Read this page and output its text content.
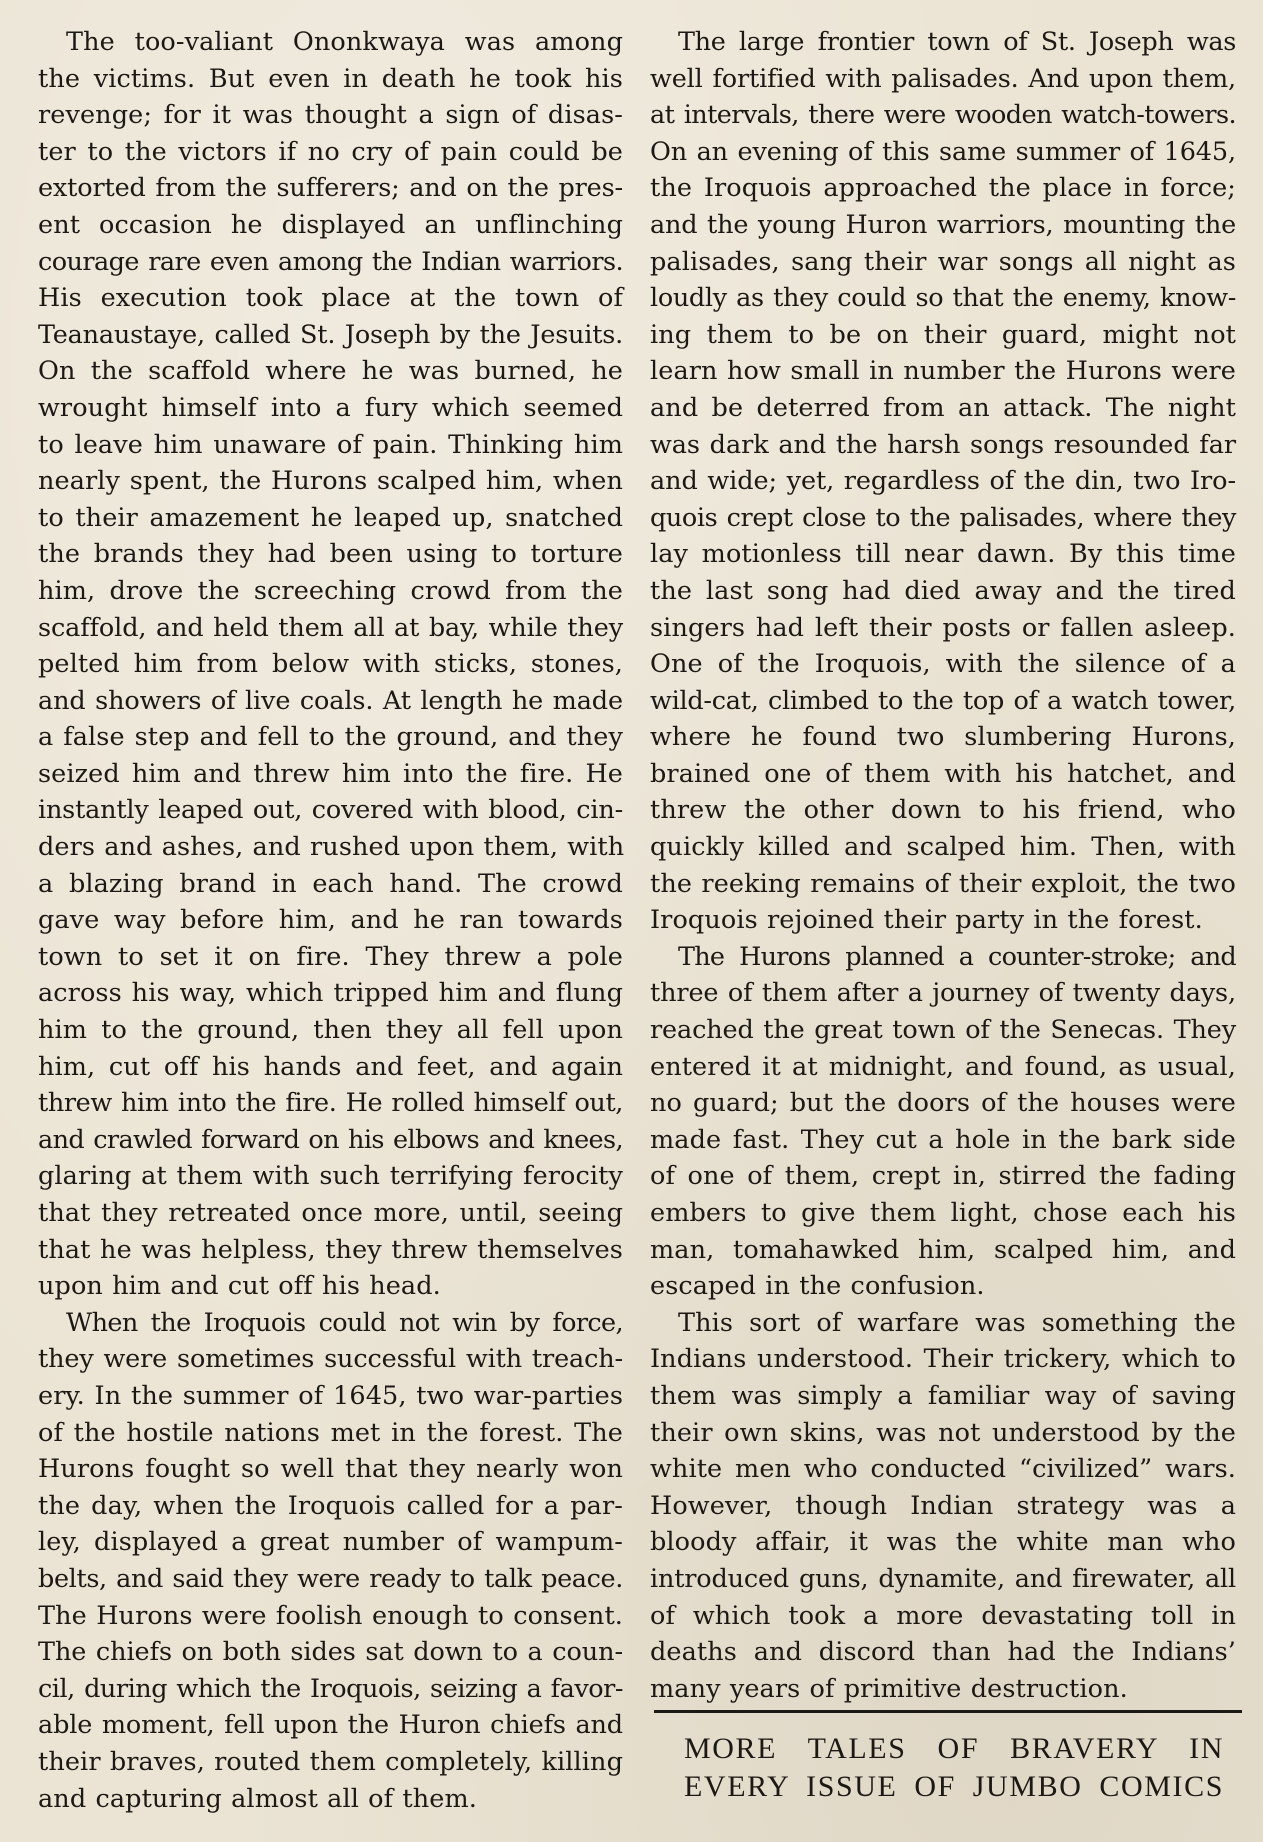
The too-valiant Ononkwaya was among
the victims. But even in death he took his
revenge; for it was thought a sign of disas-
ter to the victors if no cry of pain could be
extorted from the sufferers; and on the pres-
ent occasion he displayed an unflinching
courage rare even among the Indian warriors.
His execution took place at the town of
Teanaustaye, called St. Joseph by the Jesuits.
On the scaffold where he was burned, he
wrought himself into a fury which seemed
to leave him unaware of pain. Thinking him
nearly spent, the Hurons scalped him, when
to their amazement he leaped up, snatched
the brands they had been using to torture
him, drove the screeching crowd from the
scaffold, and held them all at bay, while they
pelted him from below with sticks, stones,
and showers of live coals. At length he made
a false step and fell to the ground, and they
seized him and threw him into the fire. He
instantly leaped out, covered with blood, cin-
ders and ashes, and rushed upon them, with
a blazing brand in each hand. The crowd
gave way before him, and he ran towards
town to set it on fire. They threw a pole
across his way, which tripped him and flung
him to the ground, then they all fell upon
him, cut off his hands and feet, and again
threw him into the fire. He rolled himself out,
and crawled forward on his elbows and knees,
glaring at them with such terrifying ferocity
that they retreated once more, until, seeing
that he was helpless, they threw themselves
upon him and cut off his head.
When the Iroquois could not win by force,
they were sometimes successful with treach-
ery. In the summer of 1645, two war-parties
of the hostile nations met in the forest. The
Hurons fought so well that they nearly won
the day, when the Iroquois called for a par-
ley, displayed a great number of wampum-
belts, and said they were ready to talk peace.
The Hurons were foolish enough to consent.
The chiefs on both sides sat down to a coun-
cil, during which the Iroquois, seizing a favor-
able moment, fell upon the Huron chiefs and
their braves, routed them completely, killing
and capturing almost all of them.
The large frontier town of St. Joseph was
well fortified with palisades. And upon them,
at intervals, there were wooden watch-towers.
On an evening of this same summer of 1645,
the Iroquois approached the place in force;
and the young Huron warriors, mounting the
palisades, sang their war songs all night as
loudly as they could so that the enemy, know-
ing them to be on their guard, might not
learn how small in number the Hurons were
and be deterred from an attack. The night
was dark and the harsh songs resounded far
and wide; yet, regardless of the din, two Iro-
quois crept close to the palisades, where they
lay motionless till near dawn. By this time
the last song had died away and the tired
singers had left their posts or fallen asleep.
One of the Iroquois, with the silence of a
wild-cat, climbed to the top of a watch tower,
where he found two slumbering Hurons,
brained one of them with his hatchet, and
threw the other down to his friend, who
quickly killed and scalped him. Then, with
the reeking remains of their exploit, the two
Iroquois rejoined their party in the forest.
The Hurons planned a counter-stroke; and
three of them after a journey of twenty days,
reached the great town of the Senecas. They
entered it at midnight, and found, as usual,
no guard; but the doors of the houses were
made fast. They cut a hole in the bark side
of one of them, crept in, stirred the fading
embers to give them light, chose each his
man, tomahawked him, scalped him, and
escaped in the confusion.
This sort of warfare was something the
Indians understood. Their trickery, which to
them was simply a familiar way of saving
their own skins, was not understood by the
white men who conducted “civilized” wars.
However, though Indian strategy was a
bloody affair, it was the white man who
introduced guns, dynamite, and firewater, all
of which took a more devastating toll in
deaths and discord than had the Indians’
many years of primitive destruction.
MORE TALES OF BRAVERY IN
EVERY ISSUE OF JUMBO COMICS
